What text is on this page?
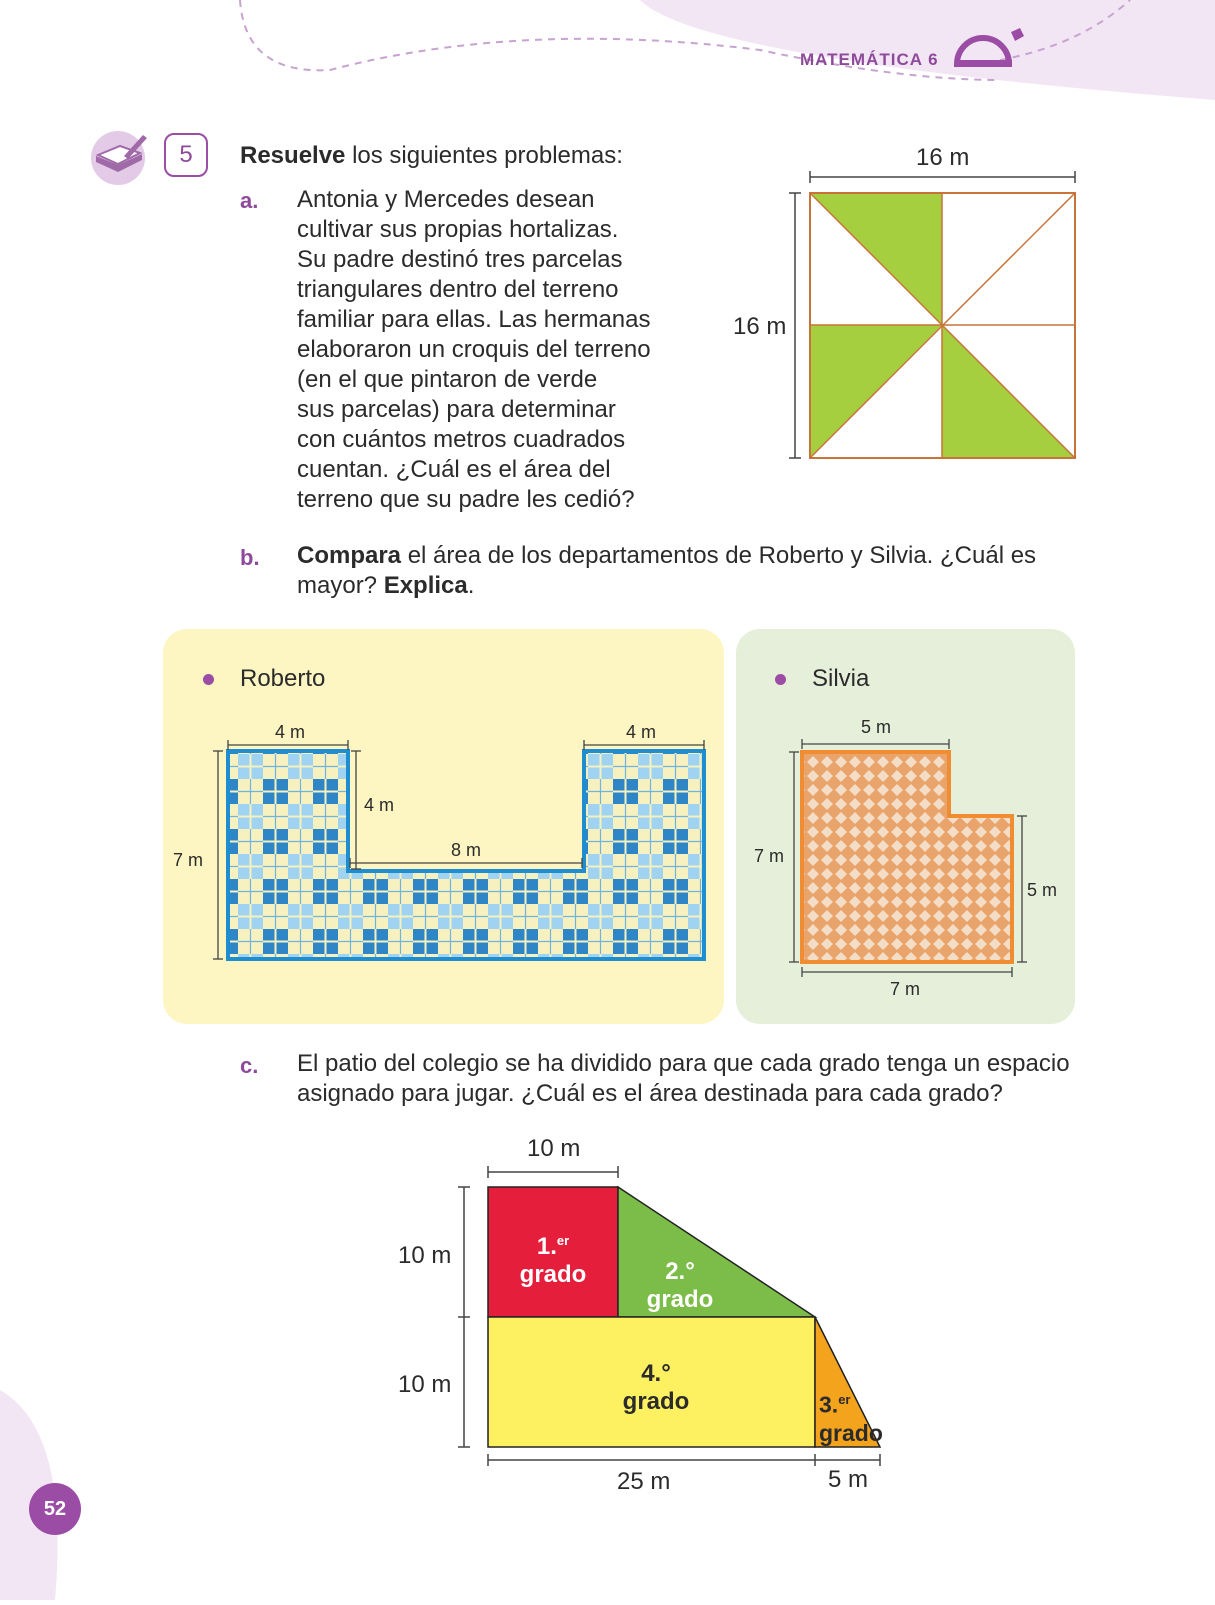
MATEMÁTICA 6
5	Resuelve los siguientes problemas:
a. Antonia y Mercedes desean
cultivar sus propias hortalizas.
Su padre destinó tres parcelas
triangulares dentro del terreno
familiar para ellas. Las hermanas
elaboraron un croquis del terreno
(en el que pintaron de verde
sus parcelas) para determinar
con cuántos metros cuadrados
cuentan. ¿Cuál es el área del
terreno que su padre les cedió?
16 m
16 m
b. Compara el área de los departamentos de Roberto y Silvia. ¿Cuál es
mayor? Explica.
Roberto
4 m	4 m
4 m
8 m
7 m
Silvia
5 m
7 m
5 m
7 m
c. El patio del colegio se ha dividido para que cada grado tenga un espacio
asignado para jugar. ¿Cuál es el área destinada para cada grado?
10 m
10 m
10 m
25 m	5 m
1.$^{er}$
grado	2.°
grado
4.°
grado	3.$^{er}$
grado
52
